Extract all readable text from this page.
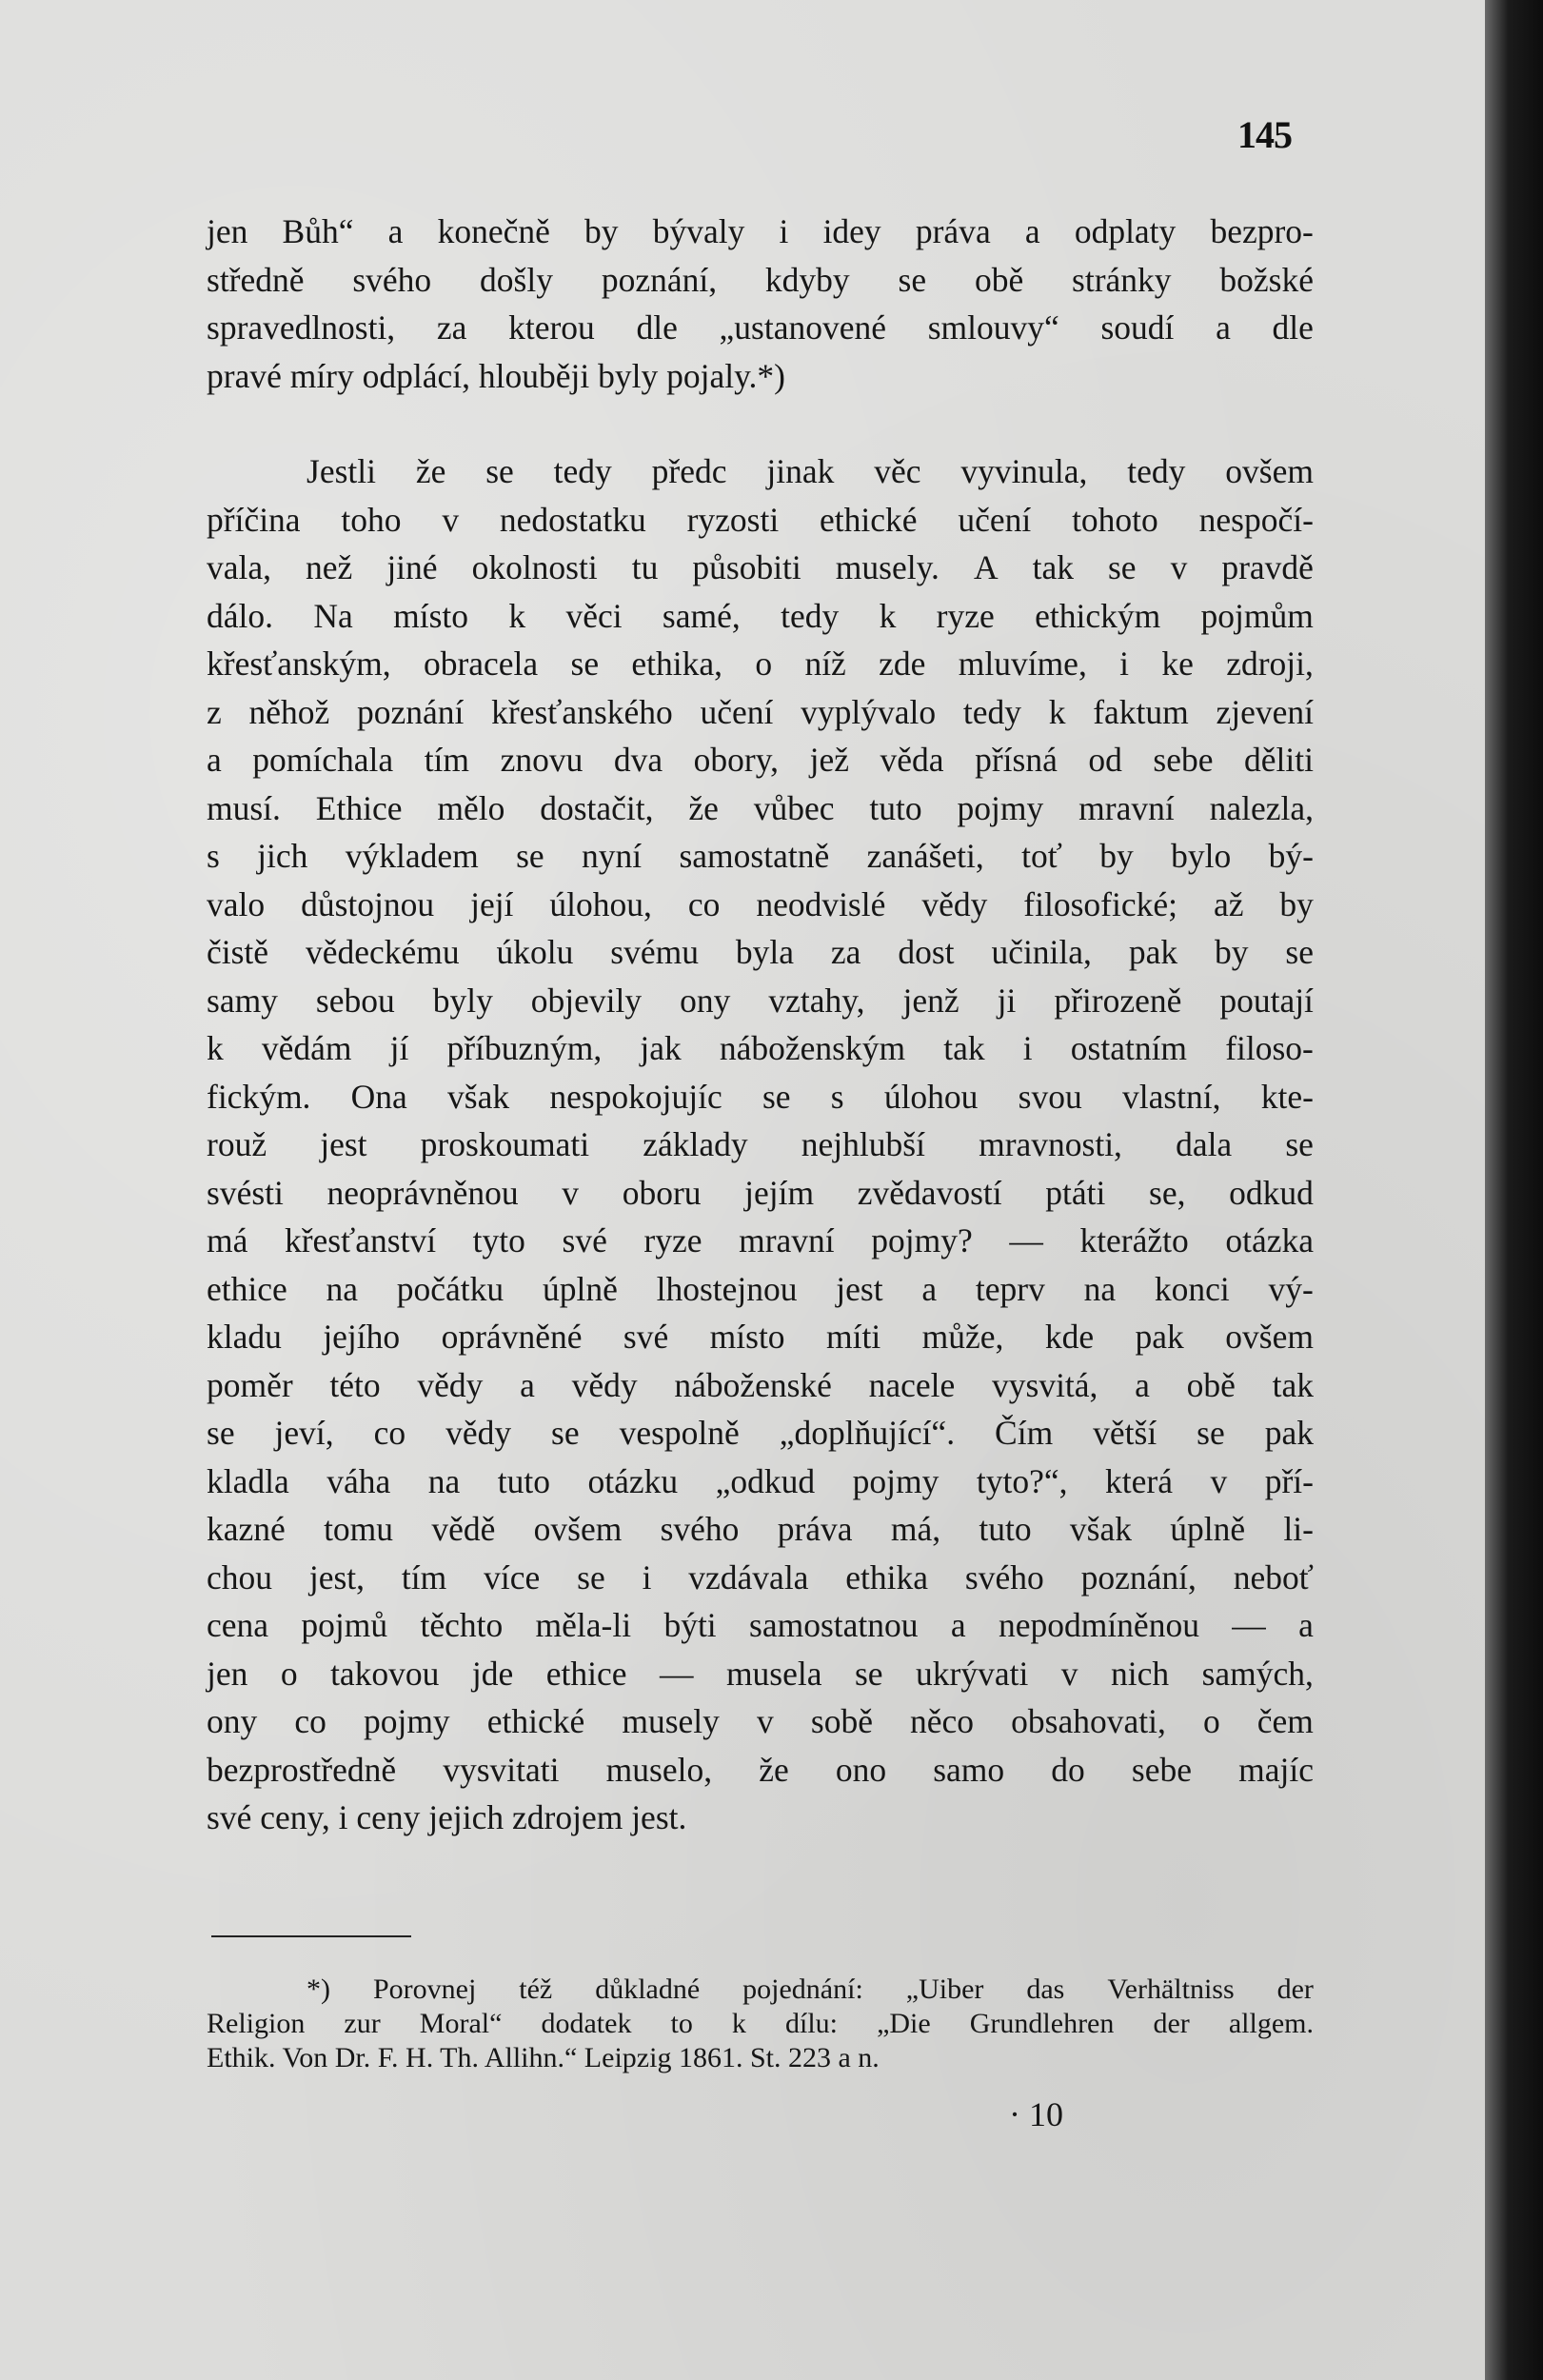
145
jen Bůh“ a konečně by bývaly i idey práva a odplaty bezpro-
středně svého došly poznání, kdyby se obě stránky božské
spravedlnosti, za kterou dle „ustanovené smlouvy“ soudí a dle
pravé míry odplácí, hlouběji byly pojaly.*)
Jestli že se tedy předc jinak věc vyvinula, tedy ovšem
příčina toho v nedostatku ryzosti ethické učení tohoto nespočí-
vala, než jiné okolnosti tu působiti musely. A tak se v pravdě
dálo. Na místo k věci samé, tedy k ryze ethickým pojmům
křesťanským, obracela se ethika, o níž zde mluvíme, i ke zdroji,
z něhož poznání křesťanského učení vyplývalo tedy k faktum zjevení
a pomíchala tím znovu dva obory, jež věda přísná od sebe děliti
musí. Ethice mělo dostačit, že vůbec tuto pojmy mravní nalezla,
s jich výkladem se nyní samostatně zanášeti, toť by bylo bý-
valo důstojnou její úlohou, co neodvislé vědy filosofické; až by
čistě vědeckému úkolu svému byla za dost učinila, pak by se
samy sebou byly objevily ony vztahy, jenž ji přirozeně poutají
k vědám jí příbuzným, jak náboženským tak i ostatním filoso-
fickým. Ona však nespokojujíc se s úlohou svou vlastní, kte-
rouž jest proskoumati základy nejhlubší mravnosti, dala se
svésti neoprávněnou v oboru jejím zvědavostí ptáti se, odkud
má křesťanství tyto své ryze mravní pojmy? — kterážto otázka
ethice na počátku úplně lhostejnou jest a teprv na konci vý-
kladu jejího oprávněné své místo míti může, kde pak ovšem
poměr této vědy a vědy náboženské nacele vysvitá, a obě tak
se jeví, co vědy se vespolně „doplňující“. Čím větší se pak
kladla váha na tuto otázku „odkud pojmy tyto?“, která v pří-
kazné tomu vědě ovšem svého práva má, tuto však úplně li-
chou jest, tím více se i vzdávala ethika svého poznání, neboť
cena pojmů těchto měla-li býti samostatnou a nepodmíněnou — a
jen o takovou jde ethice — musela se ukrývati v nich samých,
ony co pojmy ethické musely v sobě něco obsahovati, o čem
bezprostředně vysvitati muselo, že ono samo do sebe majíc
své ceny, i ceny jejich zdrojem jest.
*) Porovnej též důkladné pojednání: „Uiber das Verhältniss der
Religion zur Moral“ dodatek to k dílu: „Die Grundlehren der allgem.
Ethik. Von Dr. F. H. Th. Allihn.“ Leipzig 1861. St. 223 a n.
· 10
